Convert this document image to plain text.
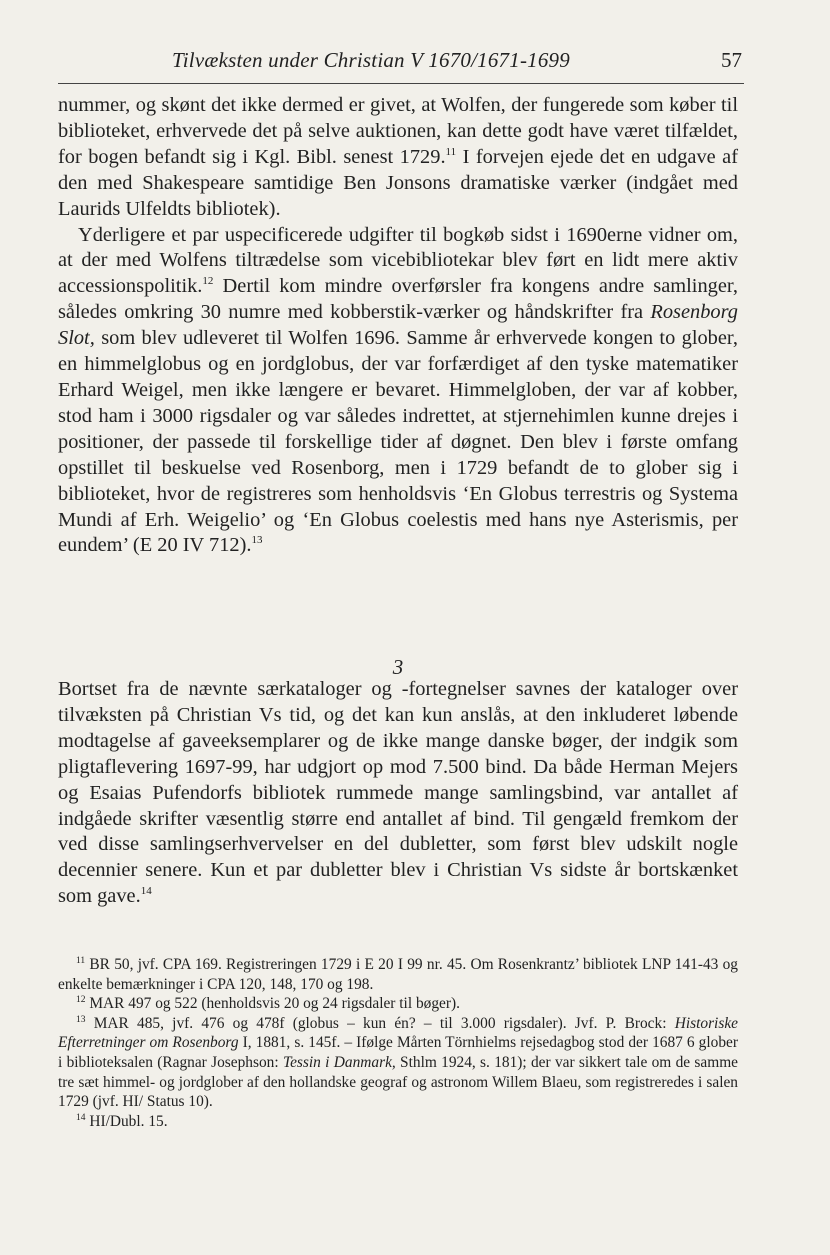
Tilvæksten under Christian V 1670/1671-1699	57

nummer, og skønt det ikke dermed er givet, at Wolfen, der fungerede som køber til biblioteket, erhvervede det på selve auktionen, kan dette godt have været tilfældet, for bogen befandt sig i Kgl. Bibl. senest 1729.11 I forvejen ejede det en udgave af den med Shakespeare samtidige Ben Jonsons dramatiske værker (indgået med Laurids Ulfeldts bibliotek).

Yderligere et par uspecificerede udgifter til bogkøb sidst i 1690erne vidner om, at der med Wolfens tiltrædelse som vicebibliotekar blev ført en lidt mere aktiv accessionspolitik.$^{12}$ Dertil kom mindre overførsler fra kongens andre samlinger, således omkring 30 numre med kobberstik-værker og håndskrifter fra Rosenborg Slot, som blev udleveret til Wolfen 1696. Samme år erhvervede kongen to glober, en himmelglobus og en jordglobus, der var forfærdiget af den tyske matematiker Erhard Weigel, men ikke længere er bevaret. Himmelgloben, der var af kobber, stod ham i 3000 rigsdaler og var således indrettet, at stjernehimlen kunne drejes i positioner, der passede til forskellige tider af døgnet. Den blev i første omfang opstillet til beskuelse ved Rosenborg, men i 1729 befandt de to glober sig i biblioteket, hvor de registreres som henholdsvis ‘En Globus terrestris og Systema Mundi af Erh. Weigelio’ og ‘En Globus coelestis med hans nye Asterismis, per eundem’ (E 20 IV 712).$^{13}$

3

Bortset fra de nævnte særkataloger og -fortegnelser savnes der kataloger over tilvæksten på Christian Vs tid, og det kan kun anslås, at den inkluderet løbende modtagelse af gaveeksemplarer og de ikke mange danske bøger, der indgik som pligtaflevering 1697-99, har udgjort op mod 7.500 bind. Da både Herman Mejers og Esaias Pufendorfs bibliotek rummede mange samlingsbind, var antallet af indgåede skrifter væsentlig større end antallet af bind. Til gengæld fremkom der ved disse samlingserhvervelser en del dubletter, som først blev udskilt nogle decennier senere. Kun et par dubletter blev i Christian Vs sidste år bortskænket som gave.$^{14}$

$^{11}$ BR 50, jvf. CPA 169. Registreringen 1729 i E 20 I 99 nr. 45. Om Rosenkrantz’ bibliotek LNP 141-43 og enkelte bemærkninger i CPA 120, 148, 170 og 198.

$^{12}$ MAR 497 og 522 (henholdsvis 20 og 24 rigsdaler til bøger).

$^{13}$ MAR 485, jvf. 476 og 478f (globus – kun én? – til 3.000 rigsdaler). Jvf. P. Brock: Historiske Efterretninger om Rosenborg I, 1881, s. 145f. – Ifølge Mårten Törnhielms rejsedagbog stod der 1687 6 glober i biblioteksalen (Ragnar Josephson: Tessin i Danmark, Sthlm 1924, s. 181); der var sikkert tale om de samme tre sæt himmel- og jordglober af den hollandske geograf og astronom Willem Blaeu, som registreredes i salen 1729 (jvf. HI/ Status 10).

$^{14}$ HI/Dubl. 15.
